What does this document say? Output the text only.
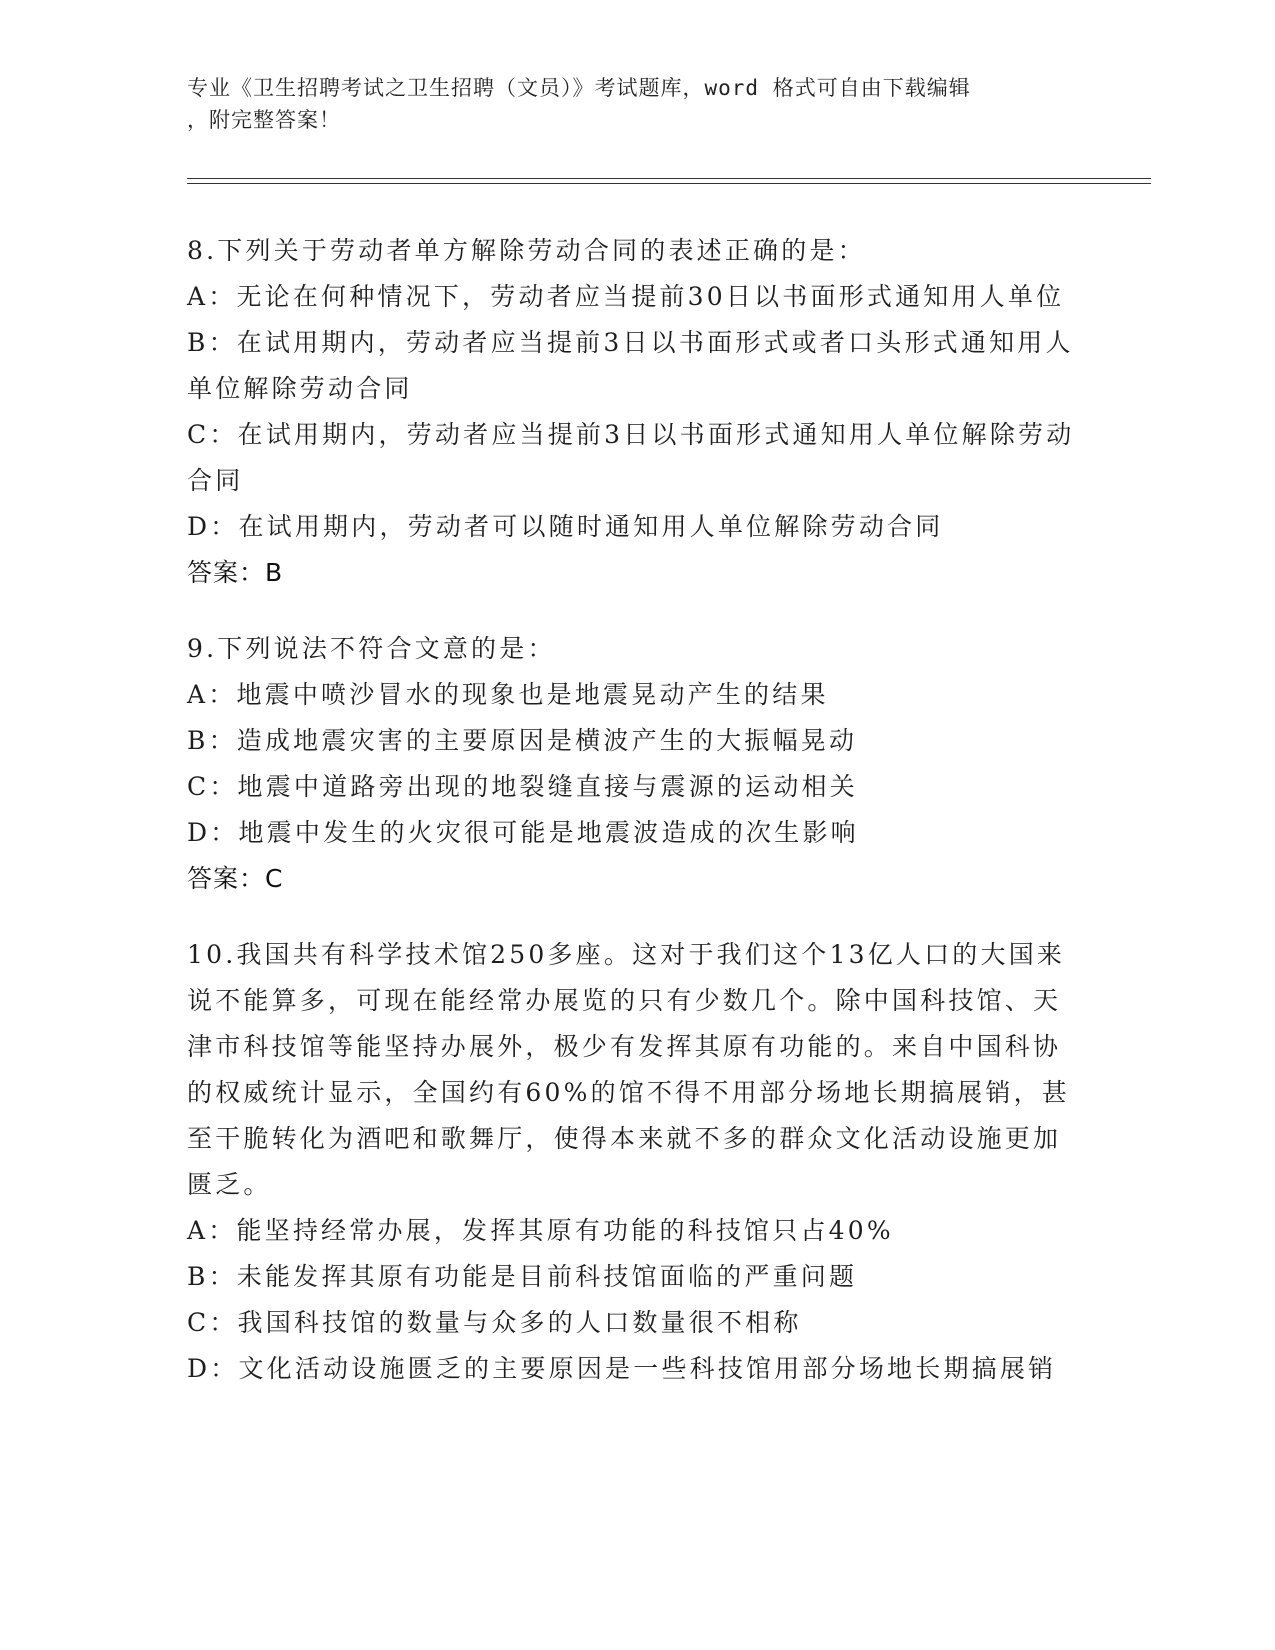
专业《卫生招聘考试之卫生招聘（文员）》考试题库，word 格式可自由下载编辑

，附完整答案！

8.下列关于劳动者单方解除劳动合同的表述正确的是：

A：无论在何种情况下，劳动者应当提前30日以书面形式通知用人单位

B：在试用期内，劳动者应当提前3日以书面形式或者口头形式通知用人单位解除劳动合同

C：在试用期内，劳动者应当提前3日以书面形式通知用人单位解除劳动合同

D：在试用期内，劳动者可以随时通知用人单位解除劳动合同

答案：B

9.下列说法不符合文意的是：

A：地震中喷沙冒水的现象也是地震晃动产生的结果

B：造成地震灾害的主要原因是横波产生的大振幅晃动

C：地震中道路旁出现的地裂缝直接与震源的运动相关

D：地震中发生的火灾很可能是地震波造成的次生影响

答案：C

10.我国共有科学技术馆250多座。这对于我们这个13亿人口的大国来说不能算多，可现在能经常办展览的只有少数几个。除中国科技馆、天津市科技馆等能坚持办展外，极少有发挥其原有功能的。来自中国科协的权威统计显示，全国约有60%的馆不得不用部分场地长期搞展销，甚至干脆转化为酒吧和歌舞厅，使得本来就不多的群众文化活动设施更加匮乏。

A：能坚持经常办展，发挥其原有功能的科技馆只占40%

B：未能发挥其原有功能是目前科技馆面临的严重问题

C：我国科技馆的数量与众多的人口数量很不相称

D：文化活动设施匮乏的主要原因是一些科技馆用部分场地长期搞展销
